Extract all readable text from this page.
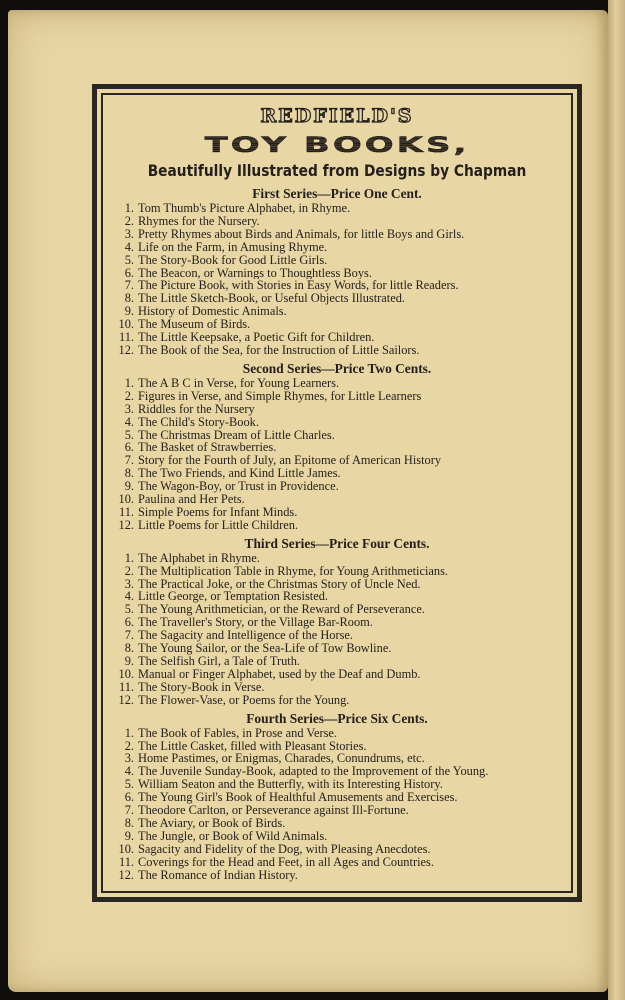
REDFIELD'S
TOY BOOKS,
Beautifully Illustrated from Designs by Chapman
First Series—Price One Cent.
1. Tom Thumb's Picture Alphabet, in Rhyme.
2. Rhymes for the Nursery.
3. Pretty Rhymes about Birds and Animals, for little Boys and Girls.
4. Life on the Farm, in Amusing Rhyme.
5. The Story-Book for Good Little Girls.
6. The Beacon, or Warnings to Thoughtless Boys.
7. The Picture Book, with Stories in Easy Words, for little Readers.
8. The Little Sketch-Book, or Useful Objects Illustrated.
9. History of Domestic Animals.
10. The Museum of Birds.
11. The Little Keepsake, a Poetic Gift for Children.
12. The Book of the Sea, for the Instruction of Little Sailors.
Second Series—Price Two Cents.
1. The A B C in Verse, for Young Learners.
2. Figures in Verse, and Simple Rhymes, for Little Learners
3. Riddles for the Nursery
4. The Child's Story-Book.
5. The Christmas Dream of Little Charles.
6. The Basket of Strawberries.
7. Story for the Fourth of July, an Epitome of American History
8. The Two Friends, and Kind Little James.
9. The Wagon-Boy, or Trust in Providence.
10. Paulina and Her Pets.
11. Simple Poems for Infant Minds.
12. Little Poems for Little Children.
Third Series—Price Four Cents.
1. The Alphabet in Rhyme.
2. The Multiplication Table in Rhyme, for Young Arithmeticians.
3. The Practical Joke, or the Christmas Story of Uncle Ned.
4. Little George, or Temptation Resisted.
5. The Young Arithmetician, or the Reward of Perseverance.
6. The Traveller's Story, or the Village Bar-Room.
7. The Sagacity and Intelligence of the Horse.
8. The Young Sailor, or the Sea-Life of Tow Bowline.
9. The Selfish Girl, a Tale of Truth.
10. Manual or Finger Alphabet, used by the Deaf and Dumb.
11. The Story-Book in Verse.
12. The Flower-Vase, or Poems for the Young.
Fourth Series—Price Six Cents.
1. The Book of Fables, in Prose and Verse.
2. The Little Casket, filled with Pleasant Stories.
3. Home Pastimes, or Enigmas, Charades, Conundrums, etc.
4. The Juvenile Sunday-Book, adapted to the Improvement of the Young.
5. William Seaton and the Butterfly, with its Interesting History.
6. The Young Girl's Book of Healthful Amusements and Exercises.
7. Theodore Carlton, or Perseverance against Ill-Fortune.
8. The Aviary, or Book of Birds.
9. The Jungle, or Book of Wild Animals.
10. Sagacity and Fidelity of the Dog, with Pleasing Anecdotes.
11. Coverings for the Head and Feet, in all Ages and Countries.
12. The Romance of Indian History.
